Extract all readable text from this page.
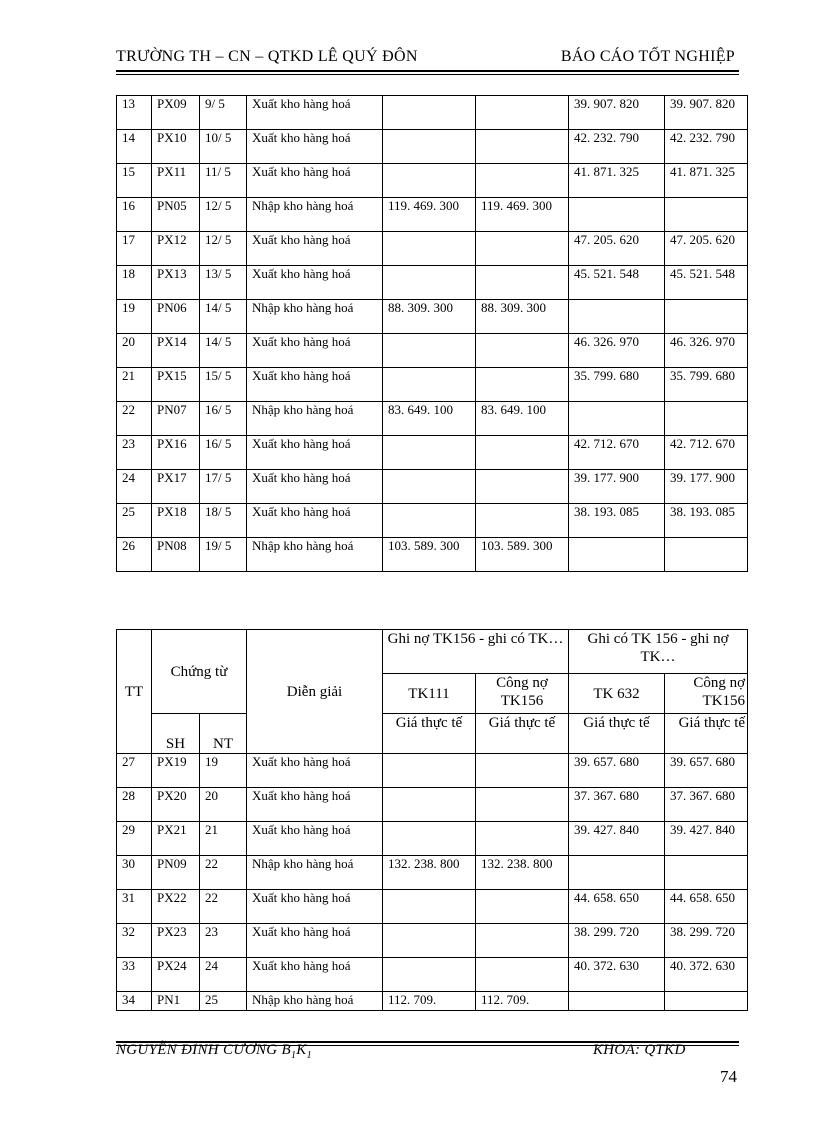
TRƯỜNG TH – CN – QTKD LÊ QUÝ ĐÔN	BÁO CÁO TỐT NGHIỆP
13	PX09	9/ 5	Xuất kho hàng hoá			39. 907. 820	39. 907. 820
14	PX10	10/ 5	Xuất kho hàng hoá			42. 232. 790	42. 232. 790
15	PX11	11/ 5	Xuất kho hàng hoá			41. 871. 325	41. 871. 325
16	PN05	12/ 5	Nhập kho hàng hoá	119. 469. 300	119. 469. 300		
17	PX12	12/ 5	Xuất kho hàng hoá			47. 205. 620	47. 205. 620
18	PX13	13/ 5	Xuất kho hàng hoá			45. 521. 548	45. 521. 548
19	PN06	14/ 5	Nhập kho hàng hoá	88. 309. 300	88. 309. 300		
20	PX14	14/ 5	Xuất kho hàng hoá			46. 326. 970	46. 326. 970
21	PX15	15/ 5	Xuất kho hàng hoá			35. 799. 680	35. 799. 680
22	PN07	16/ 5	Nhập kho hàng hoá	83. 649. 100	83. 649. 100		
23	PX16	16/ 5	Xuất kho hàng hoá			42. 712. 670	42. 712. 670
24	PX17	17/ 5	Xuất kho hàng hoá			39. 177. 900	39. 177. 900
25	PX18	18/ 5	Xuất kho hàng hoá			38. 193. 085	38. 193. 085
26	PN08	19/ 5	Nhập kho hàng hoá	103. 589. 300	103. 589. 300		
TT	Chứng từ		Diễn giải	Ghi nợ TK156 - ghi có TK…		Ghi có TK 156 - ghi nợ TK…	
				TK111	Công nợ TK156	TK 632	Công nợ TK156
	SH	NT		Giá thực tế	Giá thực tế	Giá thực tế	Giá thực tế
27	PX19	19	Xuất kho hàng hoá			39. 657. 680	39. 657. 680
28	PX20	20	Xuất kho hàng hoá			37. 367. 680	37. 367. 680
29	PX21	21	Xuất kho hàng hoá			39. 427. 840	39. 427. 840
30	PN09	22	Nhập kho hàng hoá	132. 238. 800	132. 238. 800		
31	PX22	22	Xuất kho hàng hoá			44. 658. 650	44. 658. 650
32	PX23	23	Xuất kho hàng hoá			38. 299. 720	38. 299. 720
33	PX24	24	Xuất kho hàng hoá			40. 372. 630	40. 372. 630
34	PN1	25	Nhập kho hàng hoá	112. 709.	112. 709.		
NGUYỄN ĐÌNH CƯỜNG $B_1K_1$	KHOA: QTKD
74
